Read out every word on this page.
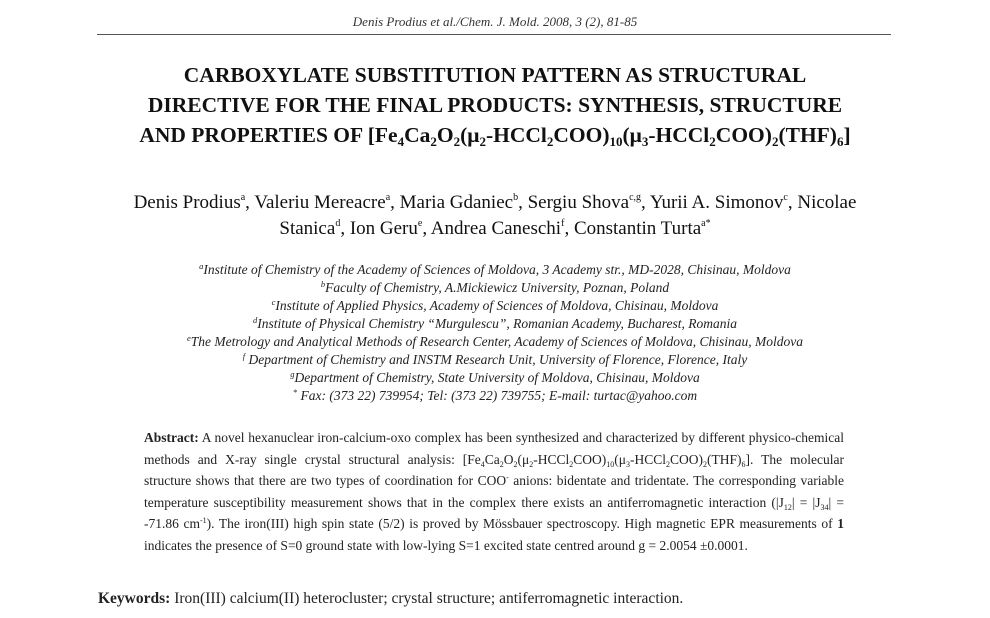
Denis Prodius et al./Chem. J. Mold. 2008, 3 (2), 81-85
CARBOXYLATE SUBSTITUTION PATTERN AS STRUCTURAL
DIRECTIVE FOR THE FINAL PRODUCTS: SYNTHESIS, STRUCTURE
AND PROPERTIES OF $[Fe_4Ca_2O_2(\mu_2-HCCl_2COO)_{10}(\mu_3-HCCl_2COO)_2(THF)_6]$
Denis Prodius$^a$, Valeriu Mereacre$^a$, Maria Gdaniec$^b$, Sergiu Shova$^{c,g}$, Yurii A. Simonov$^c$, Nicolae Stanica$^d$, Ion Geru$^e$, Andrea Caneschi$^f$, Constantin Turta$^{a*}$
$^a$Institute of Chemistry of the Academy of Sciences of Moldova, 3 Academy str., MD-2028, Chisinau, Moldova
$^b$Faculty of Chemistry, A.Mickiewicz University, Poznan, Poland
$^c$Institute of Applied Physics, Academy of Sciences of Moldova, Chisinau, Moldova
$^d$Institute of Physical Chemistry “Murgulescu”, Romanian Academy, Bucharest, Romania
$^e$The Metrology and Analytical Methods of Research Center, Academy of Sciences of Moldova, Chisinau, Moldova
$^f$ Department of Chemistry and INSTM Research Unit, University of Florence, Florence, Italy
$^g$Department of Chemistry, State University of Moldova, Chisinau, Moldova
* Fax: (373 22) 739954; Tel: (373 22) 739755; E-mail: turtac@yahoo.com
Abstract: A novel hexanuclear iron-calcium-oxo complex has been synthesized and characterized by different physico-chemical methods and X-ray single crystal structural analysis: $[Fe_4Ca_2O_2(\mu_2-HCCl_2COO)_{10}(\mu_3-HCCl_2COO)_2(THF)_6]$. The molecular structure shows that there are two types of coordination for COO- anions: bidentate and tridentate. The corresponding variable temperature susceptibility measurement shows that in the complex there exists an antiferromagnetic interaction ($|J_{12}| = |J_{34}| = -71.86$ $cm^{-1}$). The iron(III) high spin state (5/2) is proved by Mössbauer spectroscopy. High magnetic EPR measurements of 1 indicates the presence of S=0 ground state with low-lying S=1 excited state centred around g = 2.0054 ±0.0001.
Keywords: Iron(III) calcium(II) heterocluster; crystal structure; antiferromagnetic interaction.
